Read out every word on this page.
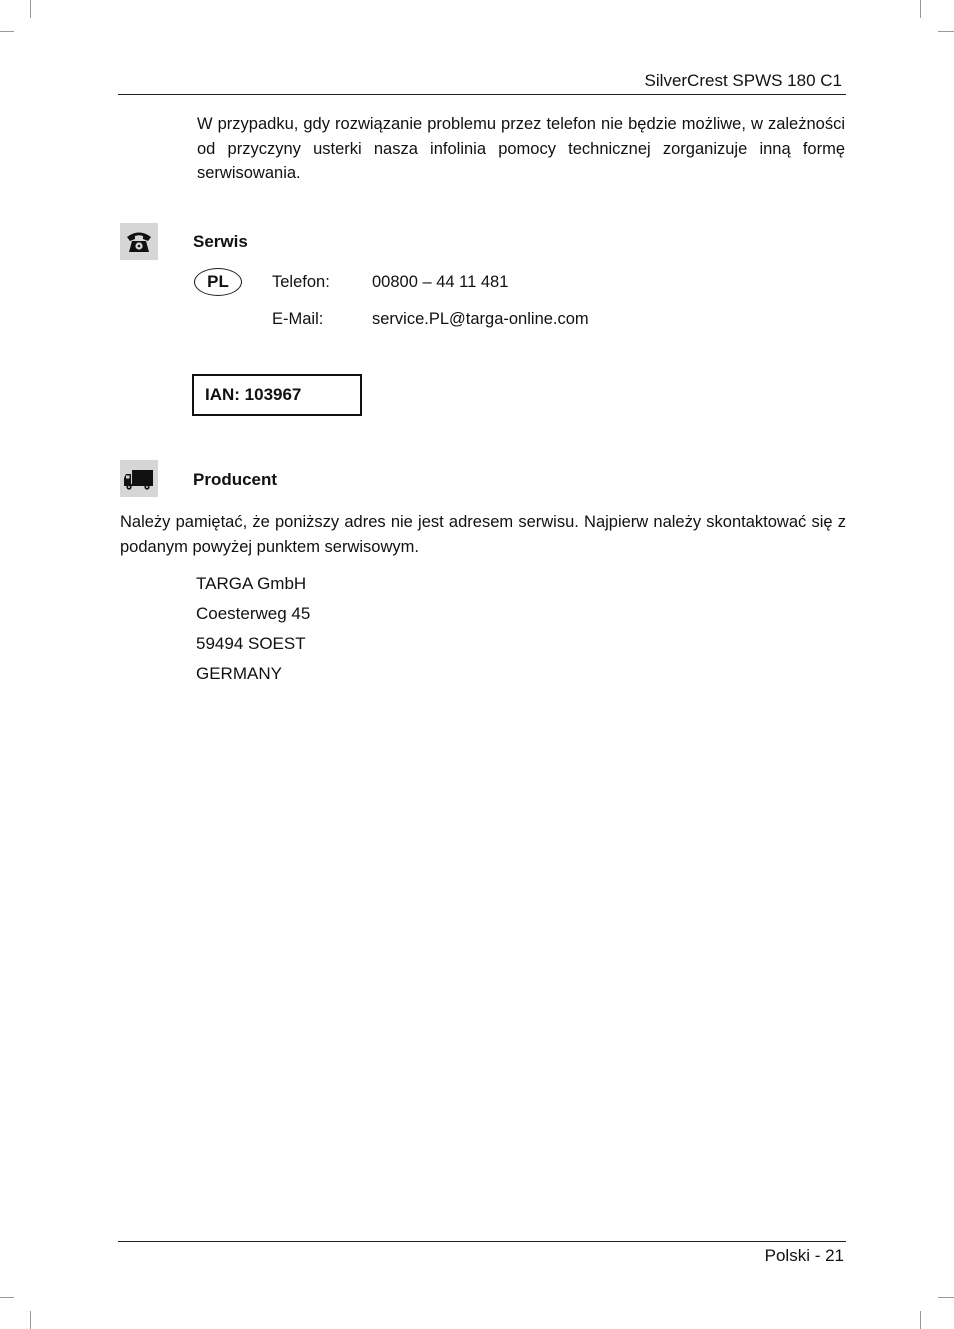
SilverCrest SPWS 180 C1
W przypadku, gdy rozwiązanie problemu przez telefon nie będzie możliwe, w zależności od przyczyny usterki nasza infolinia pomocy technicznej zorganizuje inną formę serwisowania.
Serwis
PL	Telefon:	00800 – 44 11 481
E-Mail:	service.PL@targa-online.com
IAN: 103967
Producent
Należy pamiętać, że poniższy adres nie jest adresem serwisu. Najpierw należy skontaktować się z podanym powyżej punktem serwisowym.
TARGA GmbH
Coesterweg 45
59494 SOEST
GERMANY
Polski - 21
